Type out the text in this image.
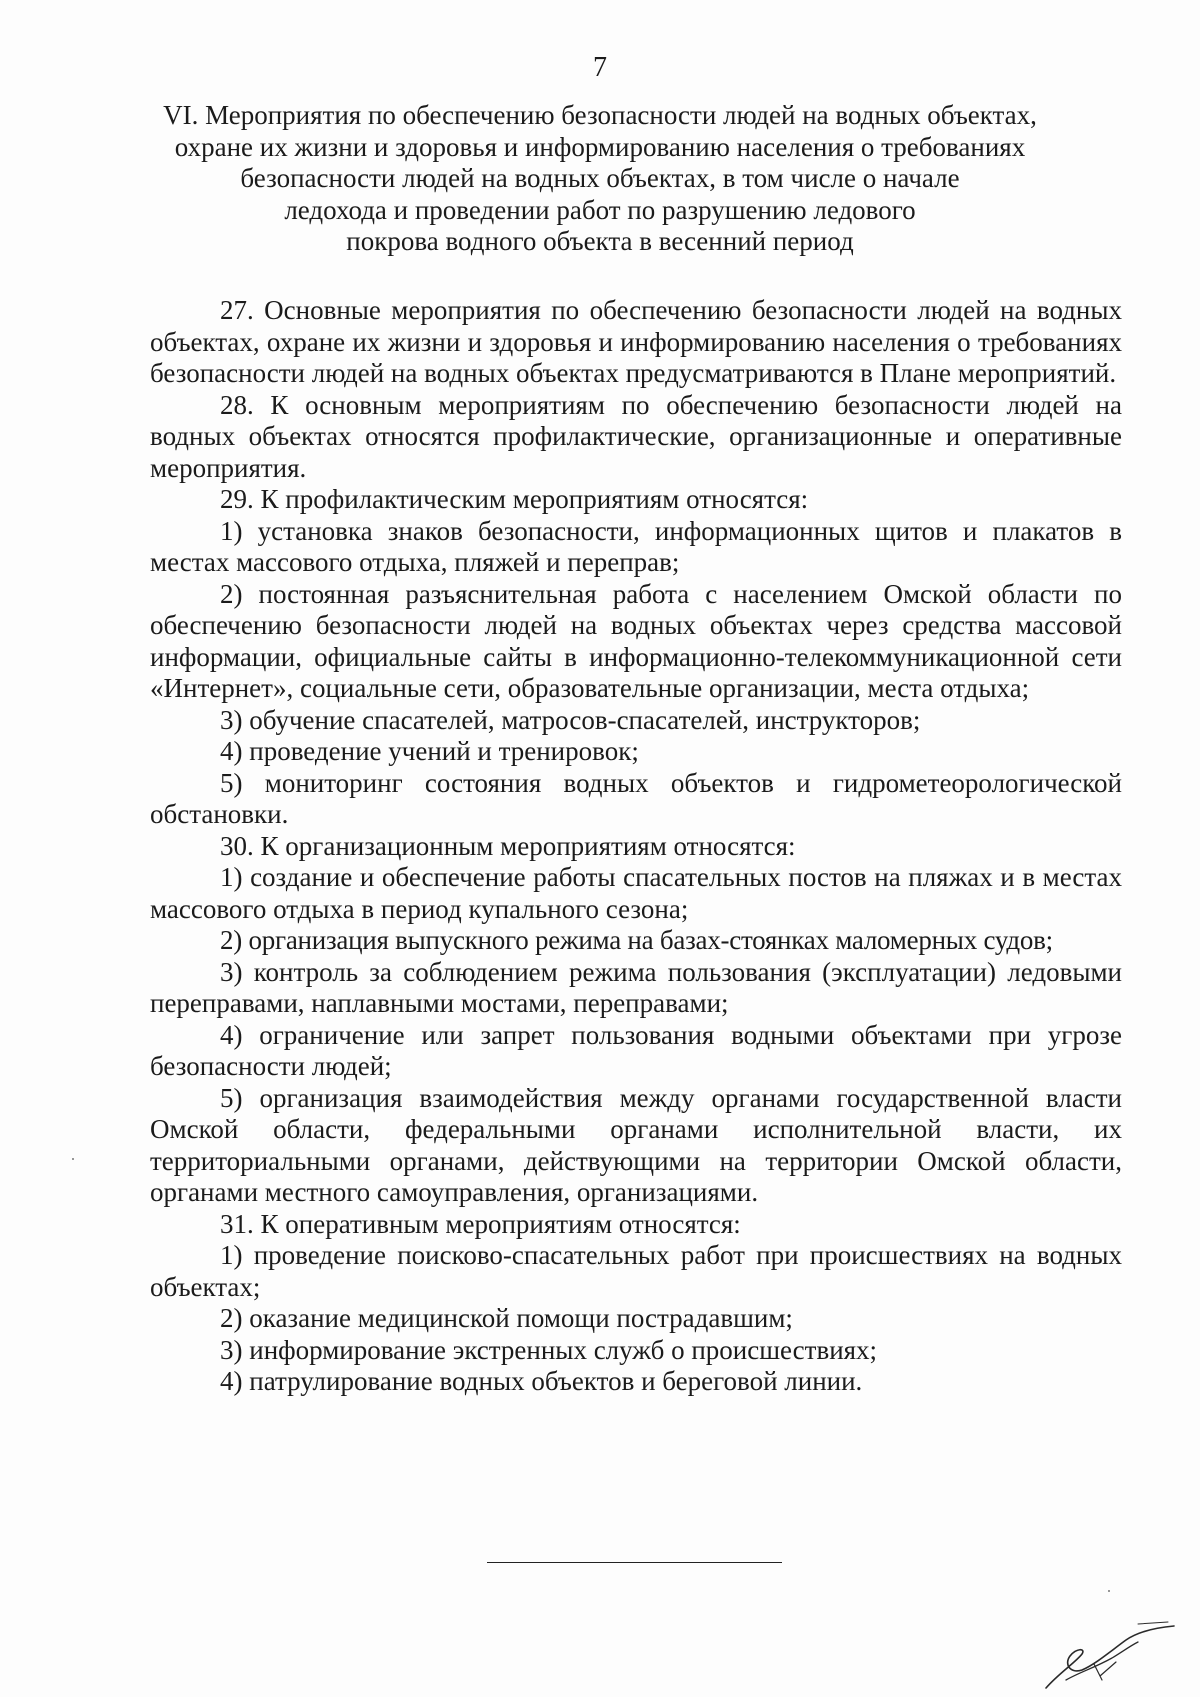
7
VI. Мероприятия по обеспечению безопасности людей на водных объектах,
охране их жизни и здоровья и информированию населения о требованиях
безопасности людей на водных объектах, в том числе о начале
ледохода и проведении работ по разрушению ледового
покрова водного объекта в весенний период

27. Основные мероприятия по обеспечению безопасности людей на водных объектах, охране их жизни и здоровья и информированию населения о требованиях безопасности людей на водных объектах предусматриваются в Плане мероприятий.

28. К основным мероприятиям по обеспечению безопасности людей на водных объектах относятся профилактические, организационные и оперативные мероприятия.

29. К профилактическим мероприятиям относятся:

1) установка знаков безопасности, информационных щитов и плакатов в местах массового отдыха, пляжей и переправ;

2) постоянная разъяснительная работа с населением Омской области по обеспечению безопасности людей на водных объектах через средства массовой информации, официальные сайты в информационно-телекоммуникационной сети «Интернет», социальные сети, образовательные организации, места отдыха;

3) обучение спасателей, матросов-спасателей, инструкторов;

4) проведение учений и тренировок;

5) мониторинг состояния водных объектов и гидрометеорологической обстановки.

30. К организационным мероприятиям относятся:

1) создание и обеспечение работы спасательных постов на пляжах и в местах массового отдыха в период купального сезона;

2) организация выпускного режима на базах-стоянках маломерных судов;

3) контроль за соблюдением режима пользования (эксплуатации) ледовыми переправами, наплавными мостами, переправами;

4) ограничение или запрет пользования водными объектами при угрозе безопасности людей;

5) организация взаимодействия между органами государственной власти Омской области, федеральными органами исполнительной власти, их территориальными органами, действующими на территории Омской области, органами местного самоуправления, организациями.

31. К оперативным мероприятиям относятся:

1) проведение поисково-спасательных работ при происшествиях на водных объектах;

2) оказание медицинской помощи пострадавшим;

3) информирование экстренных служб о происшествиях;

4) патрулирование водных объектов и береговой линии.
